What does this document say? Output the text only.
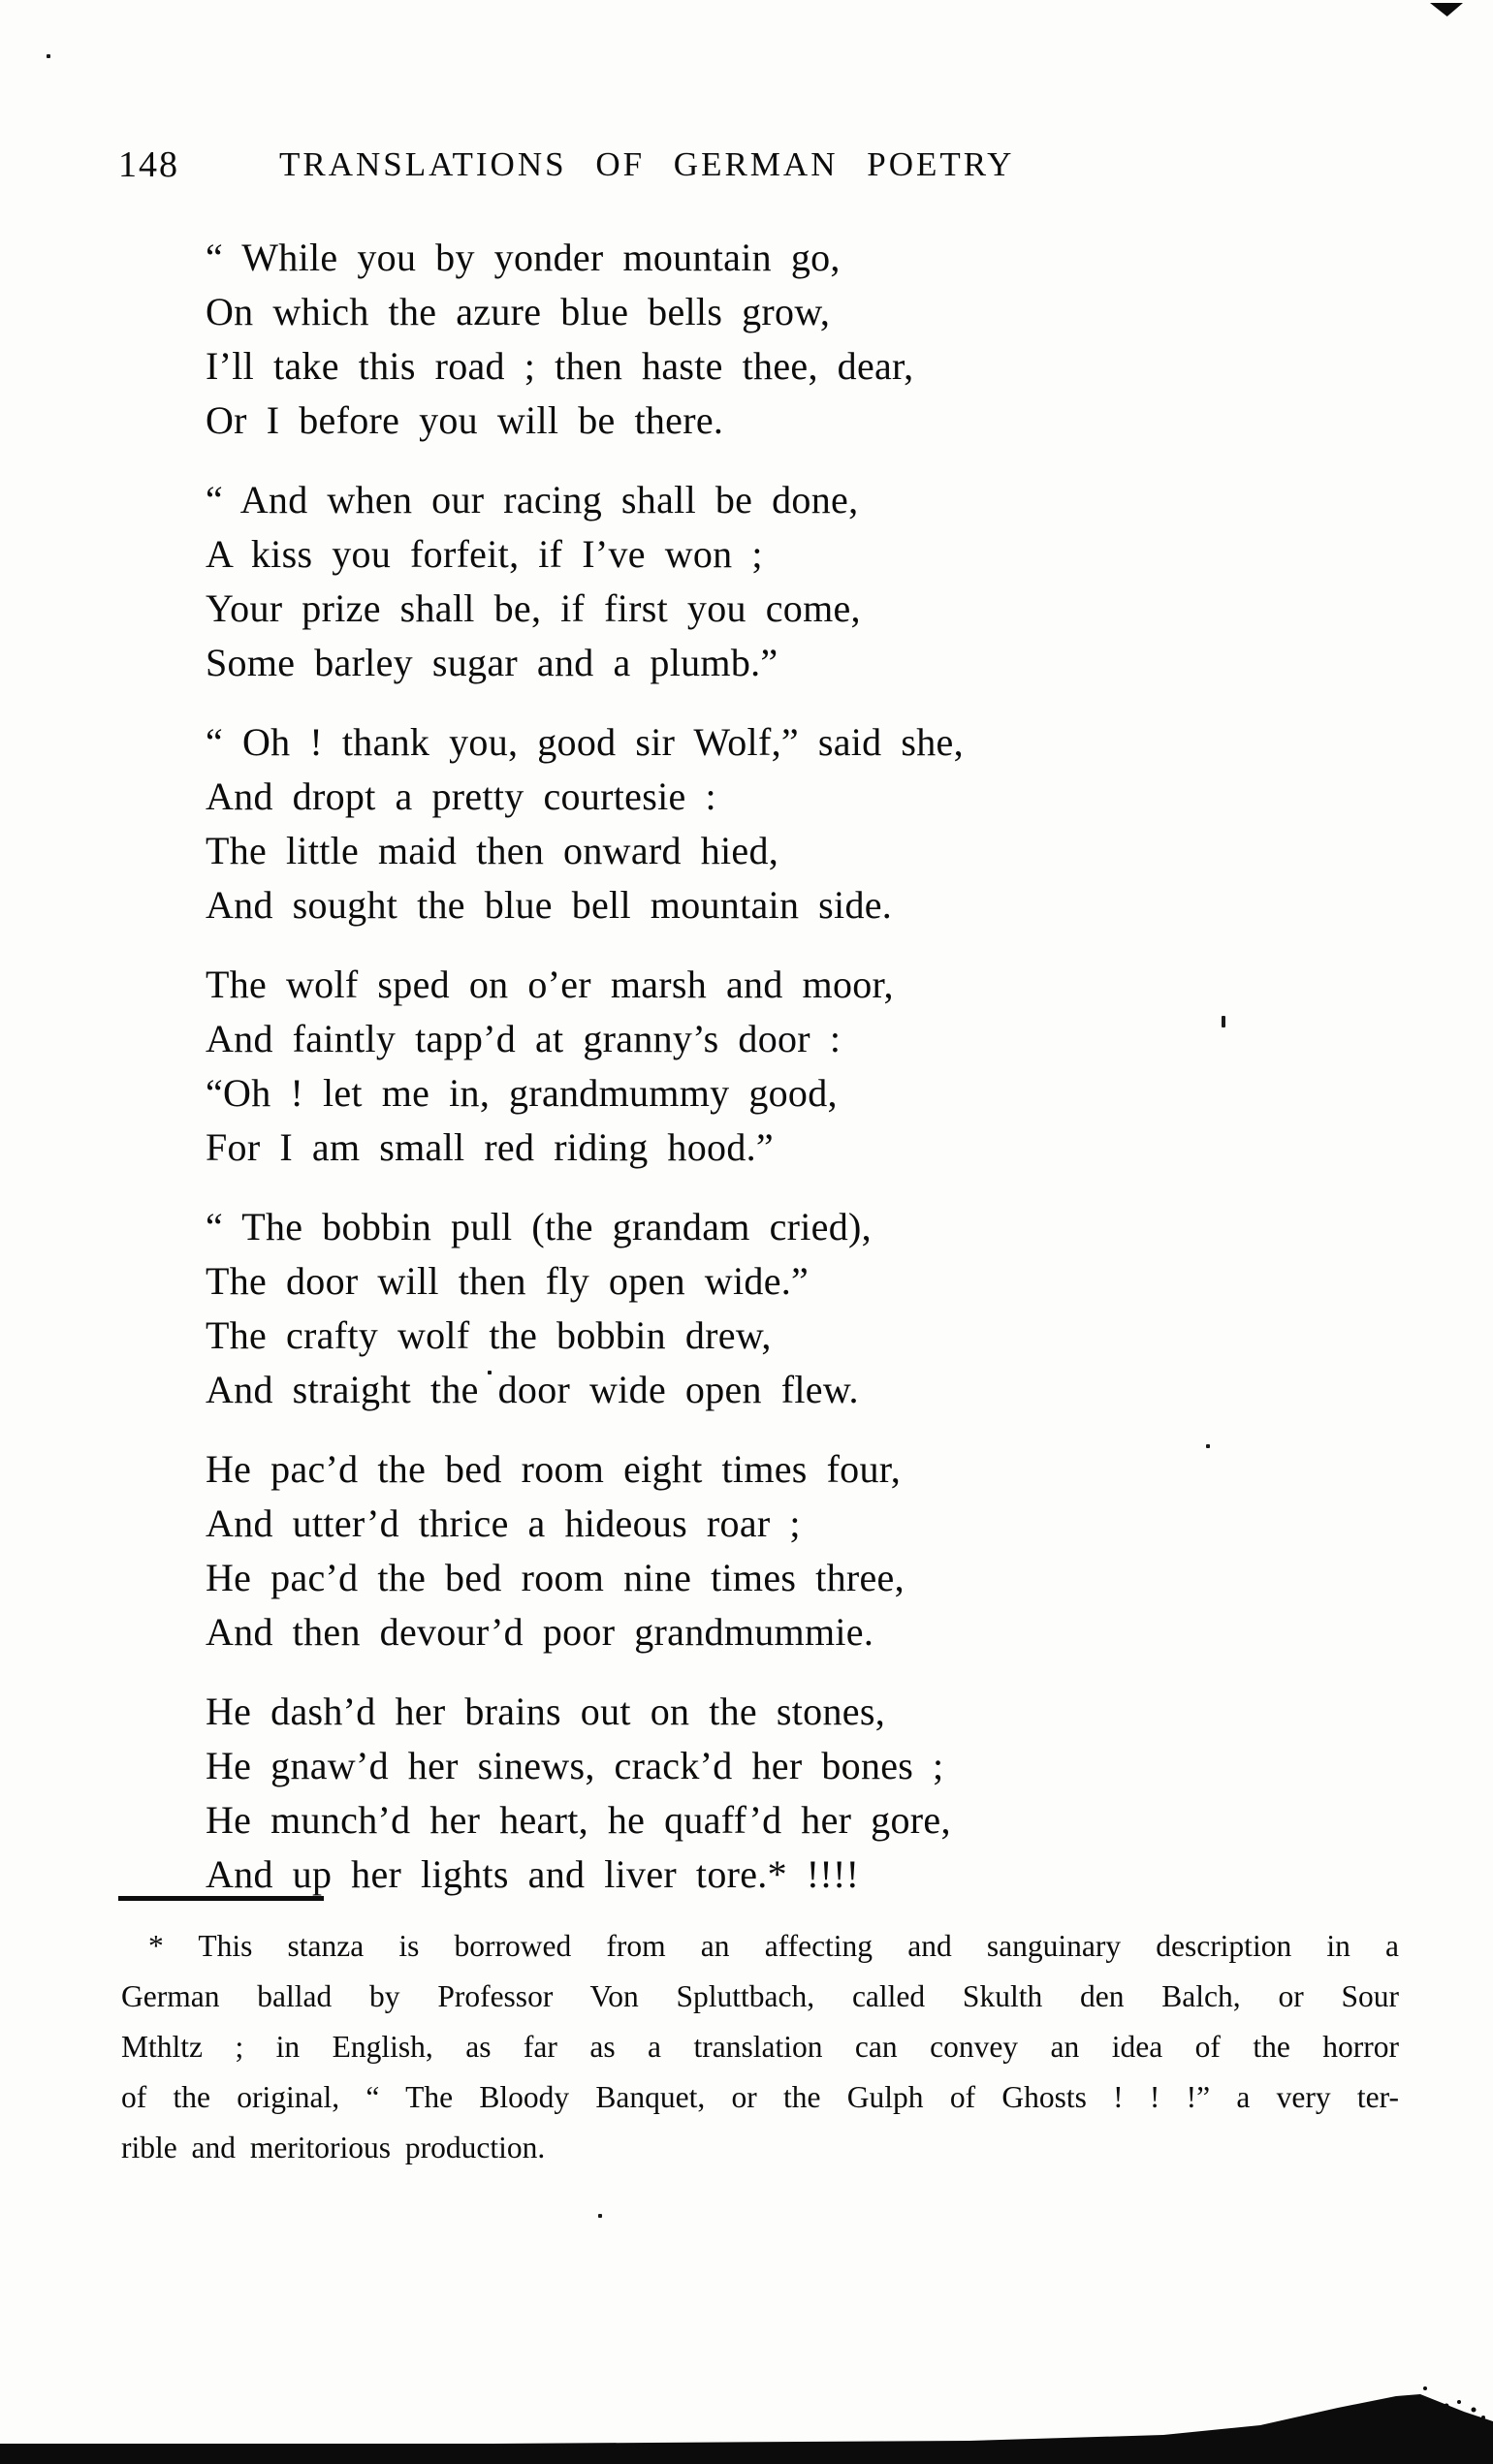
148	TRANSLATIONS OF GERMAN POETRY

“ While you by yonder mountain go,
On which the azure blue bells grow,
I’ll take this road ; then haste thee, dear,
Or I before you will be there.

“ And when our racing shall be done,
A kiss you forfeit, if I’ve won ;
Your prize shall be, if first you come,
Some barley sugar and a plumb.”

“ Oh ! thank you, good sir Wolf,” said she,
And dropt a pretty courtesie :
The little maid then onward hied,
And sought the blue bell mountain side.

The wolf sped on o’er marsh and moor,
And faintly tapp’d at granny’s door :
“Oh ! let me in, grandmummy good,
For I am small red riding hood.”

“ The bobbin pull (the grandam cried),
The door will then fly open wide.”
The crafty wolf the bobbin drew,
And straight the door wide open flew.

He pac’d the bed room eight times four,
And utter’d thrice a hideous roar ;
He pac’d the bed room nine times three,
And then devour’d poor grandmummie.

He dash’d her brains out on the stones,
He gnaw’d her sinews, crack’d her bones ;
He munch’d her heart, he quaff’d her gore,
And up her lights and liver tore.* !!!!

* This stanza is borrowed from an affecting and sanguinary description in a
German ballad by Professor Von Spluttbach, called Skulth den Balch, or Sour
Mthltz ; in English, as far as a translation can convey an idea of the horror
of the original, “ The Bloody Banquet, or the Gulph of Ghosts ! ! !” a very ter-
rible and meritorious production.
